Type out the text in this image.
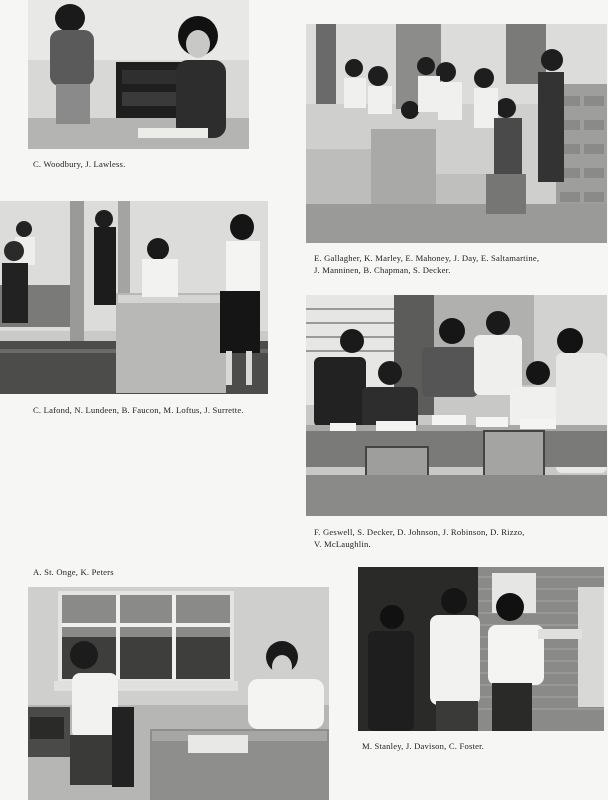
C. Woodbury, J. Lawless.
E. Gallagher, K. Marley, E. Mahoney, J. Day, E. Saltamartine,
J. Manninen, B. Chapman, S. Decker.
C. Lafond, N. Lundeen, B. Faucon, M. Loftus, J. Surrette.
F. Geswell, S. Decker, D. Johnson, J. Robinson, D. Rizzo,
V. McLaughlin.
A. St. Onge, K. Peters
M. Stanley, J. Davison, C. Foster.
